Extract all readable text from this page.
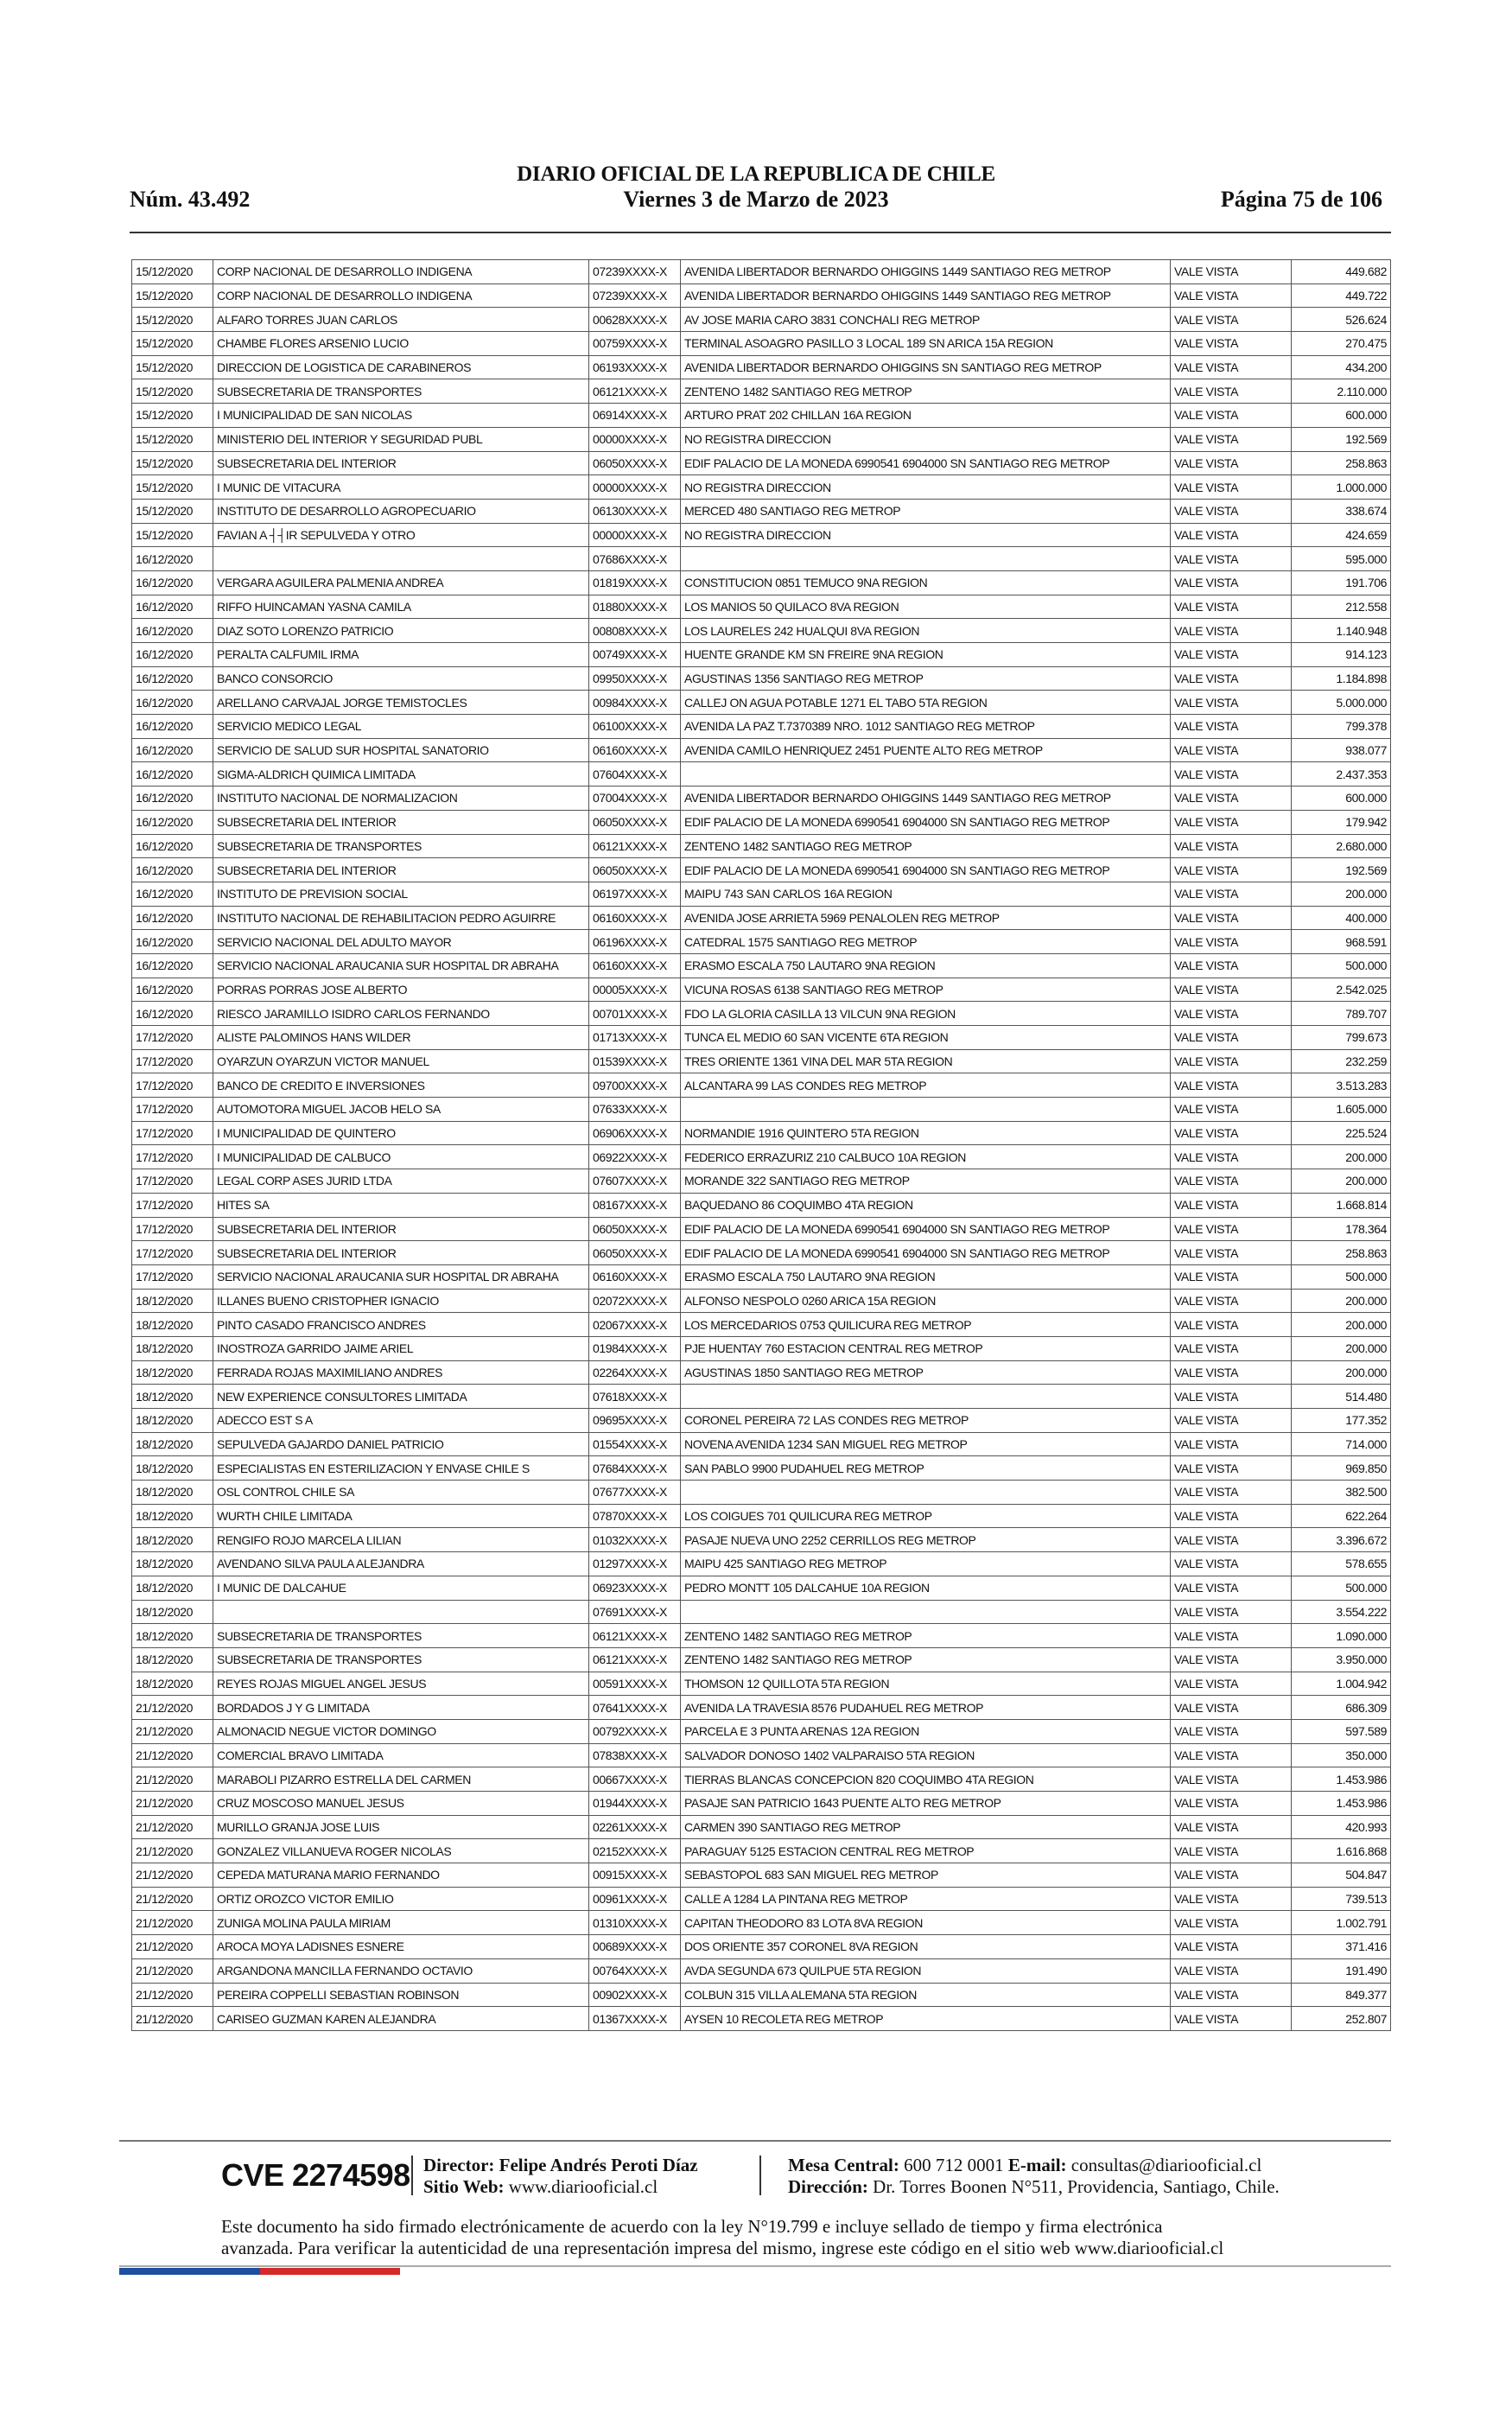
Núm. 43.492
DIARIO OFICIAL DE LA REPUBLICA DE CHILE
Viernes 3 de Marzo de 2023	Página 75 de 106
15/12/2020	CORP NACIONAL DE DESARROLLO INDIGENA	07239XXXX-X	AVENIDA LIBERTADOR BERNARDO OHIGGINS 1449 SANTIAGO REG METROP	VALE VISTA	449.682
15/12/2020	CORP NACIONAL DE DESARROLLO INDIGENA	07239XXXX-X	AVENIDA LIBERTADOR BERNARDO OHIGGINS 1449 SANTIAGO REG METROP	VALE VISTA	449.722
15/12/2020	ALFARO TORRES JUAN CARLOS	00628XXXX-X	AV JOSE MARIA CARO 3831 CONCHALI REG METROP	VALE VISTA	526.624
15/12/2020	CHAMBE FLORES ARSENIO LUCIO	00759XXXX-X	TERMINAL ASOAGRO PASILLO 3 LOCAL 189 SN ARICA 15A REGION	VALE VISTA	270.475
15/12/2020	DIRECCION DE LOGISTICA DE CARABINEROS	06193XXXX-X	AVENIDA LIBERTADOR BERNARDO OHIGGINS SN SANTIAGO REG METROP	VALE VISTA	434.200
15/12/2020	SUBSECRETARIA DE TRANSPORTES	06121XXXX-X	ZENTENO 1482 SANTIAGO REG METROP	VALE VISTA	2.110.000
15/12/2020	I MUNICIPALIDAD DE SAN NICOLAS	06914XXXX-X	ARTURO PRAT 202 CHILLAN 16A REGION	VALE VISTA	600.000
15/12/2020	MINISTERIO DEL INTERIOR Y SEGURIDAD PUBL	00000XXXX-X	NO REGISTRA DIRECCION	VALE VISTA	192.569
15/12/2020	SUBSECRETARIA DEL INTERIOR	06050XXXX-X	EDIF PALACIO DE LA MONEDA 6990541 6904000 SN SANTIAGO REG METROP	VALE VISTA	258.863
15/12/2020	I MUNIC DE VITACURA	00000XXXX-X	NO REGISTRA DIRECCION	VALE VISTA	1.000.000
15/12/2020	INSTITUTO DE DESARROLLO AGROPECUARIO	06130XXXX-X	MERCED 480 SANTIAGO REG METROP	VALE VISTA	338.674
15/12/2020	FAVIAN A ┤┤IR SEPULVEDA Y OTRO	00000XXXX-X	NO REGISTRA DIRECCION	VALE VISTA	424.659
16/12/2020		07686XXXX-X		VALE VISTA	595.000
16/12/2020	VERGARA AGUILERA PALMENIA ANDREA	01819XXXX-X	CONSTITUCION 0851 TEMUCO 9NA REGION	VALE VISTA	191.706
16/12/2020	RIFFO HUINCAMAN YASNA CAMILA	01880XXXX-X	LOS MANIOS 50 QUILACO 8VA REGION	VALE VISTA	212.558
16/12/2020	DIAZ SOTO LORENZO PATRICIO	00808XXXX-X	LOS LAURELES 242 HUALQUI 8VA REGION	VALE VISTA	1.140.948
16/12/2020	PERALTA CALFUMIL IRMA	00749XXXX-X	HUENTE GRANDE KM SN FREIRE 9NA REGION	VALE VISTA	914.123
16/12/2020	BANCO CONSORCIO	09950XXXX-X	AGUSTINAS 1356 SANTIAGO REG METROP	VALE VISTA	1.184.898
16/12/2020	ARELLANO CARVAJAL JORGE TEMISTOCLES	00984XXXX-X	CALLEJ ON AGUA POTABLE 1271 EL TABO 5TA REGION	VALE VISTA	5.000.000
16/12/2020	SERVICIO MEDICO LEGAL	06100XXXX-X	AVENIDA LA PAZ T.7370389 NRO. 1012 SANTIAGO REG METROP	VALE VISTA	799.378
16/12/2020	SERVICIO DE SALUD SUR HOSPITAL SANATORIO	06160XXXX-X	AVENIDA CAMILO HENRIQUEZ 2451 PUENTE ALTO REG METROP	VALE VISTA	938.077
16/12/2020	SIGMA-ALDRICH QUIMICA LIMITADA	07604XXXX-X		VALE VISTA	2.437.353
16/12/2020	INSTITUTO NACIONAL DE NORMALIZACION	07004XXXX-X	AVENIDA LIBERTADOR BERNARDO OHIGGINS 1449 SANTIAGO REG METROP	VALE VISTA	600.000
16/12/2020	SUBSECRETARIA DEL INTERIOR	06050XXXX-X	EDIF PALACIO DE LA MONEDA 6990541 6904000 SN SANTIAGO REG METROP	VALE VISTA	179.942
16/12/2020	SUBSECRETARIA DE TRANSPORTES	06121XXXX-X	ZENTENO 1482 SANTIAGO REG METROP	VALE VISTA	2.680.000
16/12/2020	SUBSECRETARIA DEL INTERIOR	06050XXXX-X	EDIF PALACIO DE LA MONEDA 6990541 6904000 SN SANTIAGO REG METROP	VALE VISTA	192.569
16/12/2020	INSTITUTO DE PREVISION SOCIAL	06197XXXX-X	MAIPU 743 SAN CARLOS 16A REGION	VALE VISTA	200.000
16/12/2020	INSTITUTO NACIONAL DE REHABILITACION PEDRO AGUIRRE	06160XXXX-X	AVENIDA JOSE ARRIETA 5969 PENALOLEN REG METROP	VALE VISTA	400.000
16/12/2020	SERVICIO NACIONAL DEL ADULTO MAYOR	06196XXXX-X	CATEDRAL 1575 SANTIAGO REG METROP	VALE VISTA	968.591
16/12/2020	SERVICIO NACIONAL ARAUCANIA SUR HOSPITAL DR ABRAHA	06160XXXX-X	ERASMO ESCALA 750 LAUTARO 9NA REGION	VALE VISTA	500.000
16/12/2020	PORRAS PORRAS JOSE ALBERTO	00005XXXX-X	VICUNA ROSAS 6138 SANTIAGO REG METROP	VALE VISTA	2.542.025
16/12/2020	RIESCO JARAMILLO ISIDRO CARLOS FERNANDO	00701XXXX-X	FDO LA GLORIA CASILLA 13 VILCUN 9NA REGION	VALE VISTA	789.707
17/12/2020	ALISTE PALOMINOS HANS WILDER	01713XXXX-X	TUNCA EL MEDIO 60 SAN VICENTE 6TA REGION	VALE VISTA	799.673
17/12/2020	OYARZUN OYARZUN VICTOR MANUEL	01539XXXX-X	TRES ORIENTE 1361 VINA DEL MAR 5TA REGION	VALE VISTA	232.259
17/12/2020	BANCO DE CREDITO E INVERSIONES	09700XXXX-X	ALCANTARA 99 LAS CONDES REG METROP	VALE VISTA	3.513.283
17/12/2020	AUTOMOTORA MIGUEL JACOB HELO SA	07633XXXX-X		VALE VISTA	1.605.000
17/12/2020	I MUNICIPALIDAD DE QUINTERO	06906XXXX-X	NORMANDIE 1916 QUINTERO 5TA REGION	VALE VISTA	225.524
17/12/2020	I MUNICIPALIDAD DE CALBUCO	06922XXXX-X	FEDERICO ERRAZURIZ 210 CALBUCO 10A REGION	VALE VISTA	200.000
17/12/2020	LEGAL CORP ASES JURID LTDA	07607XXXX-X	MORANDE 322 SANTIAGO REG METROP	VALE VISTA	200.000
17/12/2020	HITES SA	08167XXXX-X	BAQUEDANO 86 COQUIMBO 4TA REGION	VALE VISTA	1.668.814
17/12/2020	SUBSECRETARIA DEL INTERIOR	06050XXXX-X	EDIF PALACIO DE LA MONEDA 6990541 6904000 SN SANTIAGO REG METROP	VALE VISTA	178.364
17/12/2020	SUBSECRETARIA DEL INTERIOR	06050XXXX-X	EDIF PALACIO DE LA MONEDA 6990541 6904000 SN SANTIAGO REG METROP	VALE VISTA	258.863
17/12/2020	SERVICIO NACIONAL ARAUCANIA SUR HOSPITAL DR ABRAHA	06160XXXX-X	ERASMO ESCALA 750 LAUTARO 9NA REGION	VALE VISTA	500.000
18/12/2020	ILLANES BUENO CRISTOPHER IGNACIO	02072XXXX-X	ALFONSO NESPOLO 0260 ARICA 15A REGION	VALE VISTA	200.000
18/12/2020	PINTO CASADO FRANCISCO ANDRES	02067XXXX-X	LOS MERCEDARIOS 0753 QUILICURA REG METROP	VALE VISTA	200.000
18/12/2020	INOSTROZA GARRIDO JAIME ARIEL	01984XXXX-X	PJE HUENTAY 760 ESTACION CENTRAL REG METROP	VALE VISTA	200.000
18/12/2020	FERRADA ROJAS MAXIMILIANO ANDRES	02264XXXX-X	AGUSTINAS 1850 SANTIAGO REG METROP	VALE VISTA	200.000
18/12/2020	NEW EXPERIENCE CONSULTORES LIMITADA	07618XXXX-X		VALE VISTA	514.480
18/12/2020	ADECCO EST S A	09695XXXX-X	CORONEL PEREIRA 72 LAS CONDES REG METROP	VALE VISTA	177.352
18/12/2020	SEPULVEDA GAJARDO DANIEL PATRICIO	01554XXXX-X	NOVENA AVENIDA 1234 SAN MIGUEL REG METROP	VALE VISTA	714.000
18/12/2020	ESPECIALISTAS EN ESTERILIZACION Y ENVASE CHILE S	07684XXXX-X	SAN PABLO 9900 PUDAHUEL REG METROP	VALE VISTA	969.850
18/12/2020	OSL CONTROL CHILE SA	07677XXXX-X		VALE VISTA	382.500
18/12/2020	WURTH CHILE LIMITADA	07870XXXX-X	LOS COIGUES 701 QUILICURA REG METROP	VALE VISTA	622.264
18/12/2020	RENGIFO ROJO MARCELA LILIAN	01032XXXX-X	PASAJE NUEVA UNO 2252 CERRILLOS REG METROP	VALE VISTA	3.396.672
18/12/2020	AVENDANO SILVA PAULA ALEJANDRA	01297XXXX-X	MAIPU 425 SANTIAGO REG METROP	VALE VISTA	578.655
18/12/2020	I MUNIC DE DALCAHUE	06923XXXX-X	PEDRO MONTT 105 DALCAHUE 10A REGION	VALE VISTA	500.000
18/12/2020		07691XXXX-X		VALE VISTA	3.554.222
18/12/2020	SUBSECRETARIA DE TRANSPORTES	06121XXXX-X	ZENTENO 1482 SANTIAGO REG METROP	VALE VISTA	1.090.000
18/12/2020	SUBSECRETARIA DE TRANSPORTES	06121XXXX-X	ZENTENO 1482 SANTIAGO REG METROP	VALE VISTA	3.950.000
18/12/2020	REYES ROJAS MIGUEL ANGEL JESUS	00591XXXX-X	THOMSON 12 QUILLOTA 5TA REGION	VALE VISTA	1.004.942
21/12/2020	BORDADOS J Y G LIMITADA	07641XXXX-X	AVENIDA LA TRAVESIA 8576 PUDAHUEL REG METROP	VALE VISTA	686.309
21/12/2020	ALMONACID NEGUE VICTOR DOMINGO	00792XXXX-X	PARCELA E 3 PUNTA ARENAS 12A REGION	VALE VISTA	597.589
21/12/2020	COMERCIAL BRAVO LIMITADA	07838XXXX-X	SALVADOR DONOSO 1402 VALPARAISO 5TA REGION	VALE VISTA	350.000
21/12/2020	MARABOLI PIZARRO ESTRELLA DEL CARMEN	00667XXXX-X	TIERRAS BLANCAS CONCEPCION 820 COQUIMBO 4TA REGION	VALE VISTA	1.453.986
21/12/2020	CRUZ MOSCOSO MANUEL JESUS	01944XXXX-X	PASAJE SAN PATRICIO 1643 PUENTE ALTO REG METROP	VALE VISTA	1.453.986
21/12/2020	MURILLO GRANJA JOSE LUIS	02261XXXX-X	CARMEN 390 SANTIAGO REG METROP	VALE VISTA	420.993
21/12/2020	GONZALEZ VILLANUEVA ROGER NICOLAS	02152XXXX-X	PARAGUAY 5125 ESTACION CENTRAL REG METROP	VALE VISTA	1.616.868
21/12/2020	CEPEDA MATURANA MARIO FERNANDO	00915XXXX-X	SEBASTOPOL 683 SAN MIGUEL REG METROP	VALE VISTA	504.847
21/12/2020	ORTIZ OROZCO VICTOR EMILIO	00961XXXX-X	CALLE A 1284 LA PINTANA REG METROP	VALE VISTA	739.513
21/12/2020	ZUNIGA MOLINA PAULA MIRIAM	01310XXXX-X	CAPITAN THEODORO 83 LOTA 8VA REGION	VALE VISTA	1.002.791
21/12/2020	AROCA MOYA LADISNES ESNERE	00689XXXX-X	DOS ORIENTE 357 CORONEL 8VA REGION	VALE VISTA	371.416
21/12/2020	ARGANDONA MANCILLA FERNANDO OCTAVIO	00764XXXX-X	AVDA SEGUNDA 673 QUILPUE 5TA REGION	VALE VISTA	191.490
21/12/2020	PEREIRA COPPELLI SEBASTIAN ROBINSON	00902XXXX-X	COLBUN 315 VILLA ALEMANA 5TA REGION	VALE VISTA	849.377
21/12/2020	CARISEO GUZMAN KAREN ALEJANDRA	01367XXXX-X	AYSEN 10 RECOLETA REG METROP	VALE VISTA	252.807
CVE 2274598 Director: Felipe Andrés Peroti Díaz
Sitio Web: www.diariooficial.cl
Mesa Central: 600 712 0001 E-mail: consultas@diariooficial.cl
Dirección: Dr. Torres Boonen N°511, Providencia, Santiago, Chile.
Este documento ha sido firmado electrónicamente de acuerdo con la ley N°19.799 e incluye sellado de tiempo y firma electrónica
avanzada. Para verificar la autenticidad de una representación impresa del mismo, ingrese este código en el sitio web www.diariooficial.cl
